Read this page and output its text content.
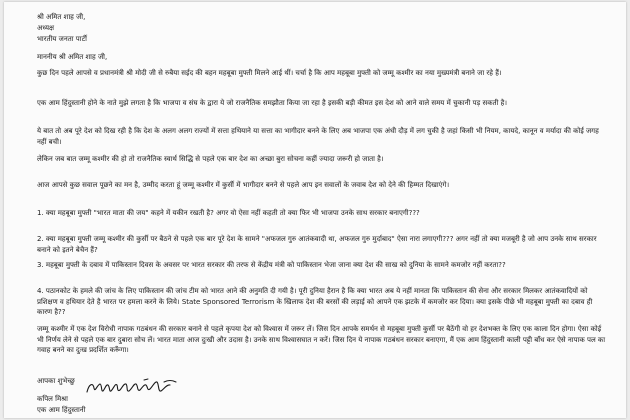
श्री अमित शाह जी,
अध्यक्ष
भारतीय जनता पार्टी
माननीय श्री अमित शाह जी,
कुछ दिन पहले आपसे व प्रधानमंत्री श्री मोदी जी से रुबैया सईद की बहन महबूबा मुफ्ती मिलने आई थीं। चर्चा है कि आप महबूबा मुफ्ती को जम्मू कश्मीर का नया मुख्यमंत्री बनाने जा रहे हैं।
एक आम हिंदुस्तानी होने के नाते मुझे लगता है कि भाजपा व संघ के द्वारा ये जो राजनैतिक समझौता किया जा रहा है इसकी बड़ी कीमत इस देश को आने वाले समय में चुकानी पड़ सकती है।
ये बात तो अब पूरे देश को दिख रही है कि देश के अलग अलग राज्यों में सत्ता हथियाने या सत्ता का भागीदार बनने के लिए अब भाजपा एक अंधी दौड़ में लग चुकी है जहां किसी भी नियम, कायदे, कानून व मर्यादा की कोई जगह नहीं बची।
लेकिन जब बात जम्मू कश्मीर की हो तो राजनैतिक स्वार्थ सिद्धि से पहले एक बार देश का अच्छा बुरा सोचना कहीं ज्यादा जरूरी हो जाता है।
आज आपसे कुछ सवाल पूछने का मन है, उम्मीद करता हूं जम्मू कश्मीर में कुर्सी में भागीदार बनने से पहले आप इन सवालों के जवाब देश को देने की हिम्मत दिखाएंगे।
1. क्या महबूबा मुफ्ती "भारत माता की जय" कहने में यकीन रखती है? अगर वो ऐसा नहीं कहती तो क्या फिर भी भाजपा उनके साथ सरकार बनाएगी???
2. क्या महबूबा मुफ्ती जम्मू कश्मीर की कुर्सी पर बैठने से पहले एक बार पूरे देश के सामने "अफजल गुरु आतंकवादी था, अफजल गुरु मुर्दाबाद" ऐसा नारा लगाएगी??? अगर नहीं तो क्या मजबूरी है जो आप उनके साथ सरकार बनाने को इतने बेचैन हैं?
3. महबूबा मुफ्ती के दबाव में पाकिस्तान दिवस के अवसर पर भारत सरकार की तरफ से केंद्रीय मंत्री को पाकिस्तान भेजा जाना क्या देश की साख को दुनिया के सामने कमजोर नहीं करता??
4. पठानकोट के हमले की जांच के लिए पाकिस्तान की जांच टीम को भारत आने की अनुमति दी गयी है। पूरी दुनिया हैरान है कि क्या भारत अब ये नहीं मानता कि पाकिस्तान की सेना और सरकार मिलकर आतंकवादियों को प्रशिक्षण व हथियार देते है भारत पर हमला करने के लिये। State Sponsored Terrorism के खिलाफ देश की बरसों की लड़ाई को आपने एक झटके में कमजोर कर दिया। क्या इसके पीछे भी महबूबा मुफ्ती का दबाव ही कारण है??
जम्मू कश्मीर में एक देश विरोधी नापाक गठबंधन की सरकार बनाने से पहले कृपया देश को विश्वास में जरूर लें। जिस दिन आपके समर्थन से महबूबा मुफ्ती कुर्सी पर बैठेंगी वो हर देशभक्त के लिए एक काला दिन होगा। ऐसा कोई भी निर्णय लेने से पहले एक बार दुबारा सोच लें। भारत माता आज दुःखी और उदास है। उनके साथ विश्वासघात न करें। जिस दिन ये नापाक गठबंधन सरकार बनाएगा, मैं एक आम हिंदुस्तानी काली पट्टी बाँध कर ऐसे नापाक पल का गवाह बनने का दुःख प्रदर्शित करूँगा।
आपका शुभेच्छु
कपिल मिश्रा
एक आम हिंदुस्तानी
